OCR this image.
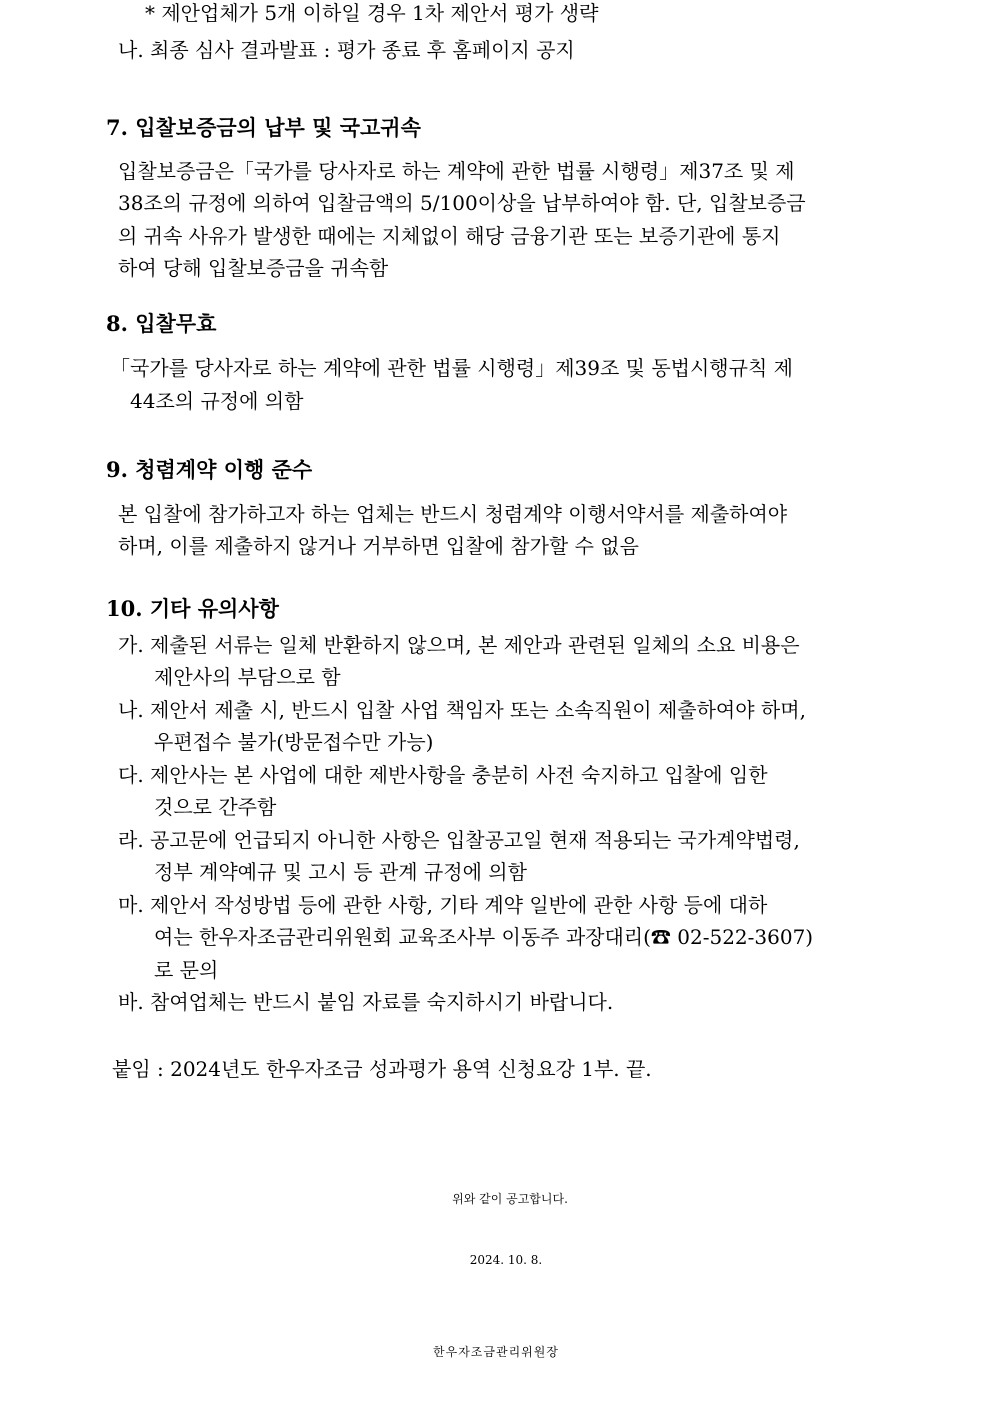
* 제안업체가 5개 이하일 경우 1차 제안서 평가 생략
나. 최종 심사 결과발표 : 평가 종료 후 홈페이지 공지
7. 입찰보증금의 납부 및 국고귀속
입찰보증금은「국가를 당사자로 하는 계약에 관한 법률 시행령」제37조 및 제
38조의 규정에 의하여 입찰금액의 5/100이상을 납부하여야 함. 단, 입찰보증금
의 귀속 사유가 발생한 때에는 지체없이 해당 금융기관 또는 보증기관에 통지
하여 당해 입찰보증금을 귀속함
8. 입찰무효
「국가를 당사자로 하는 계약에 관한 법률 시행령」제39조 및 동법시행규칙 제
44조의 규정에 의함
9. 청렴계약 이행 준수
본 입찰에 참가하고자 하는 업체는 반드시 청렴계약 이행서약서를 제출하여야
하며, 이를 제출하지 않거나 거부하면 입찰에 참가할 수 없음
10. 기타 유의사항
가. 제출된 서류는 일체 반환하지 않으며, 본 제안과 관련된 일체의 소요 비용은
제안사의 부담으로 함
나. 제안서 제출 시, 반드시 입찰 사업 책임자 또는 소속직원이 제출하여야 하며,
우편접수 불가(방문접수만 가능)
다. 제안사는 본 사업에 대한 제반사항을 충분히 사전 숙지하고 입찰에 임한
것으로 간주함
라. 공고문에 언급되지 아니한 사항은 입찰공고일 현재 적용되는 국가계약법령,
정부 계약예규 및 고시 등 관계 규정에 의함
마. 제안서 작성방법 등에 관한 사항, 기타 계약 일반에 관한 사항 등에 대하
여는 한우자조금관리위원회 교육조사부 이동주 과장대리(☎ 02-522-3607)
로 문의
바. 참여업체는 반드시 붙임 자료를 숙지하시기 바랍니다.
붙임 : 2024년도 한우자조금 성과평가 용역 신청요강 1부. 끝.
위와 같이 공고합니다.
2024. 10. 8.
한우자조금관리위원장
